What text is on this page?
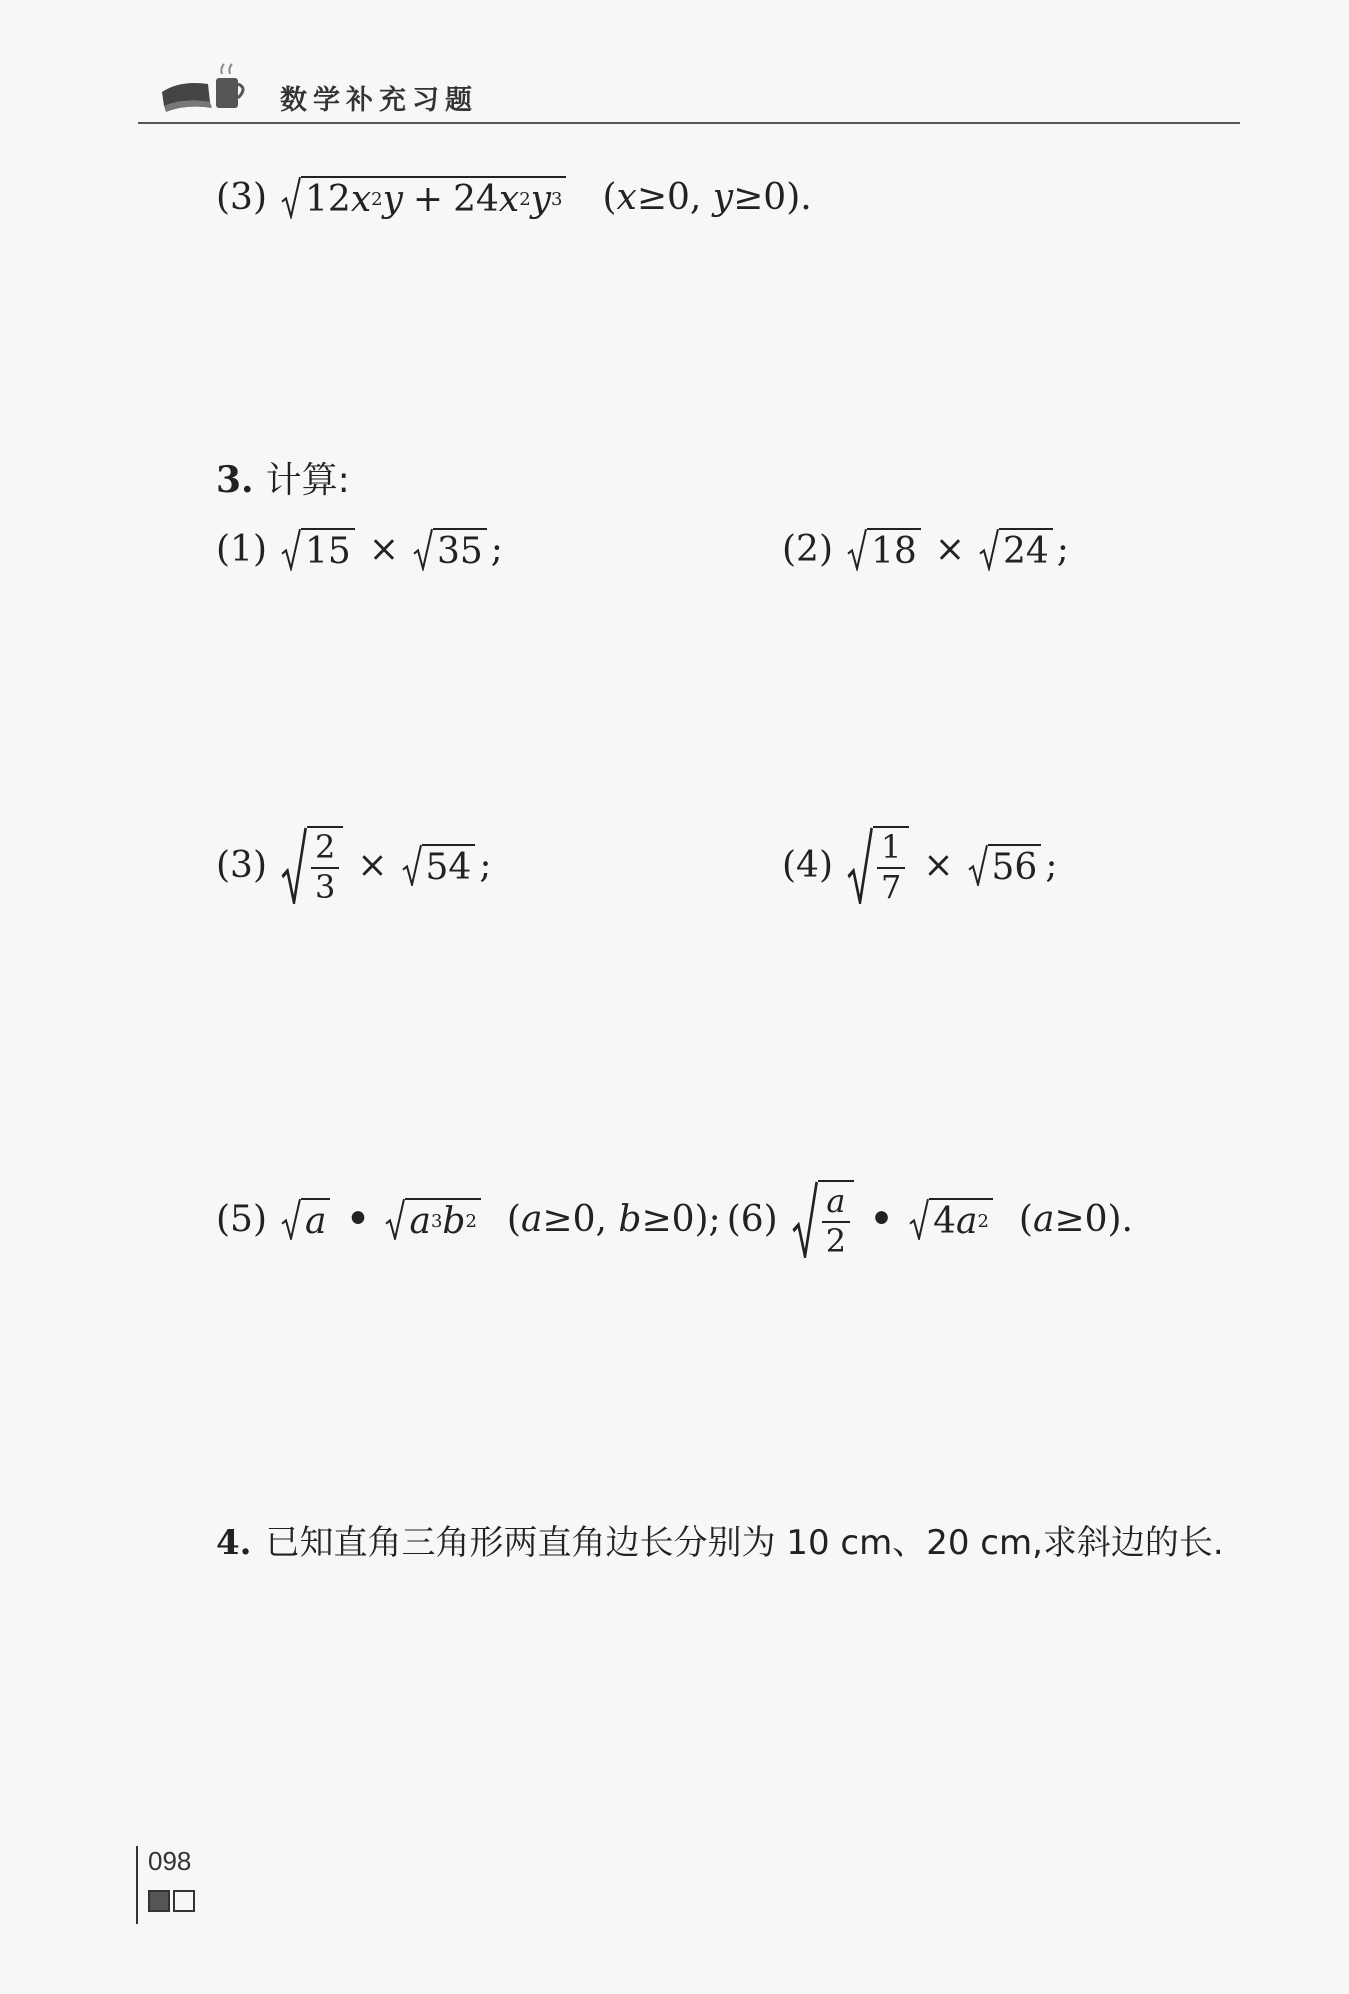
数学补充习题
(3) 12 x 2 y + 24 x 2 y 3 (x≥0, y≥0).
3. 计算:
(1) 15 × 35 ;	(2) 18 × 24 ;
$(3) \frac{2}{3} \times 54$ ;	$(4) \frac{1}{7} \times 56$ ;
(5) a • a 3 b 2 (a≥0, b≥0); $(6) \frac{a}{2}$ • 4 a 2 (a≥0).
4. 已知直角三角形两直角边长分别为 10 cm、20 cm,求斜边的长.
098
